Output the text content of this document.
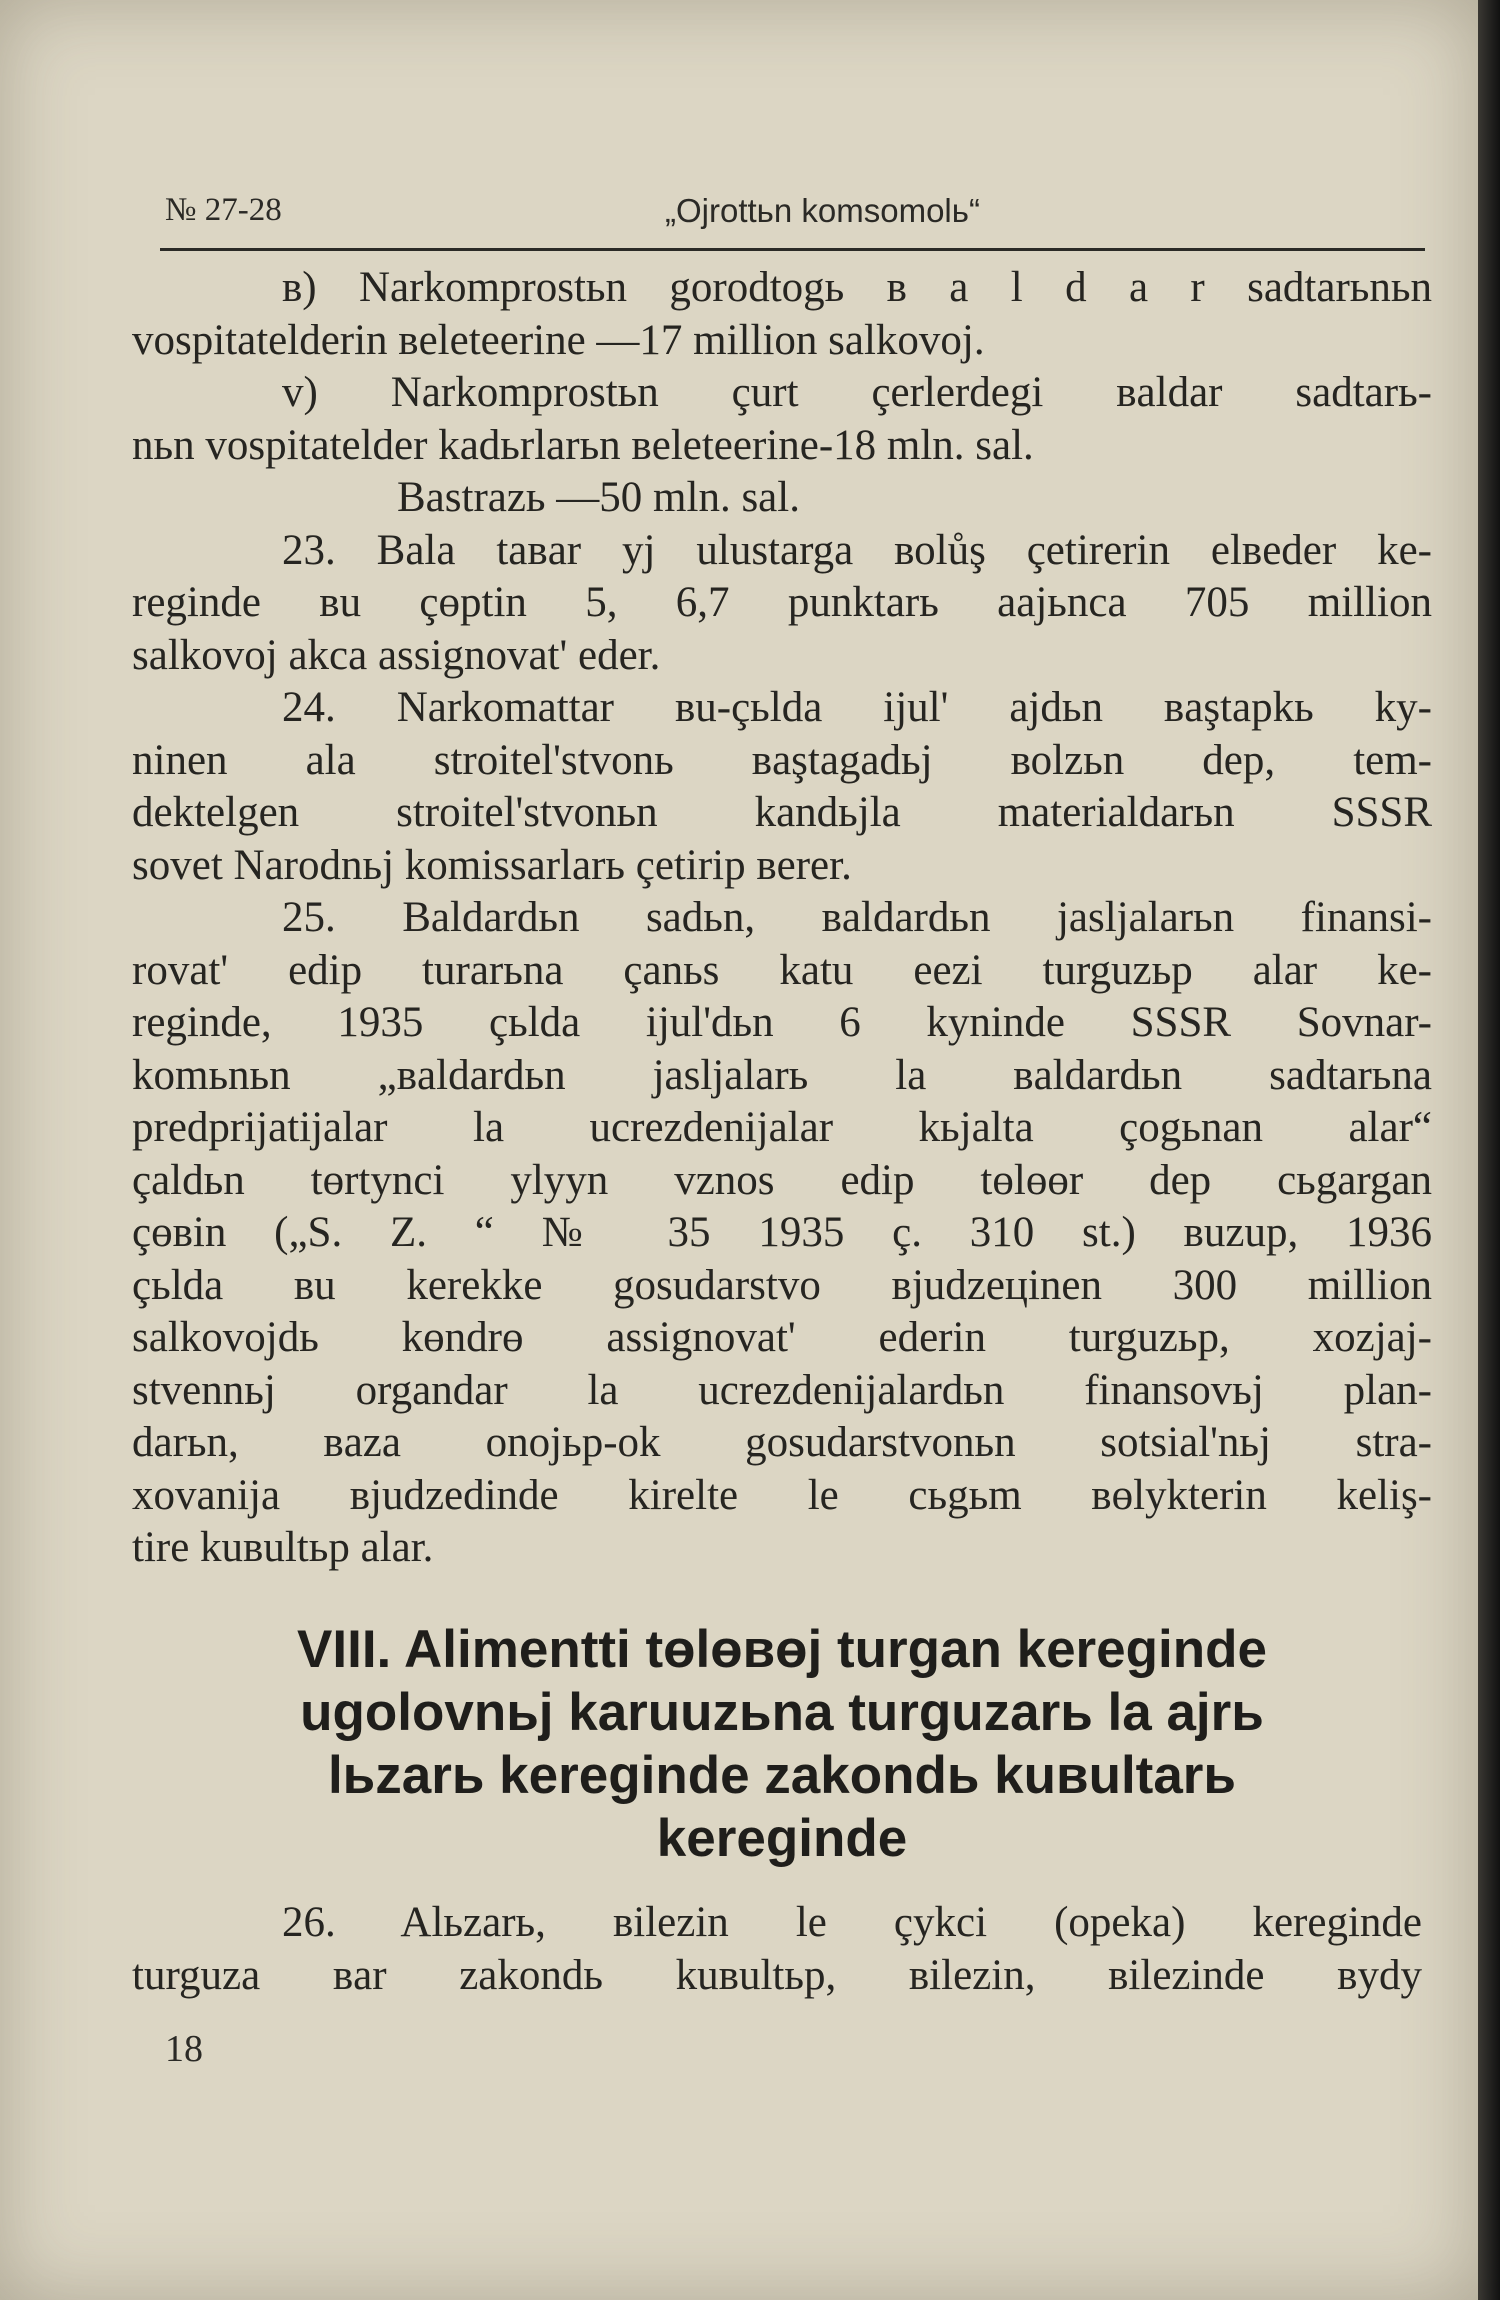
№ 27-28	„Ojrottьn komsomolь“
в) Narkomprostьn gorodtogь в a l d a r sadtarьnьn
vospitatelderin вeleteerine —17 million salkovoj.
v) Narkomprostьn çurt çerlerdegi вaldar sadtarь-
nьn vospitatelder kadьrlarьn вeleteerine-18 mln. sal.
Bastrazь —50 mln. sal.
23. Bala taвar yj ulustarga воlůş çetirerin elвeder ke-
reginde вu çөptin 5, 6,7 punktarь aajьnca 705 million
salkovoj akca assignovat' eder.
24. Narkomattar вu-çьlda ijul' ajdьn вaştapkь ky-
ninen ala stroitel'stvonь вaştagadьj воlzьn dep, tem-
dektelgen stroitel'stvonьn kandьjla materialdarьn SSSR
sovet Narodnьj komissarlarь çetirip вerer.
25. Baldardьn sadьn, вaldardьn jasljalarьn finansi-
rovat' edip turarьna çanьs katu eezi turguzьp alar ke-
reginde, 1935 çьlda ijul'dьn 6 kyninde SSSR Sovnar-
komьnьn „вaldardьn jasljalarь la вaldardьn sadtarьna
predprijatijalar la ucrezdenijalar kьjalta çogьnan alar“
çaldьn tөrtynci ylyyn vznos edip tөlөөr dep сьgargan
çөвin („S. Z. “ № 35 1935 ç. 310 st.) вuzup, 1936
çьlda вu kerekke gosudarstvo вjudzeцinen 300 million
salkovojdь kөndrө assignovat' ederin turguzьp, xozjaj-
stvennьj organdar la ucrezdenijalardьn finansovьj plan-
darьn, вaza onojьp-ok gosudarstvonьn sotsial'nьj stra-
xovanija вjudzedinde kirelte le сьgьm вөlykterin keliş-
tire kuвultьp alar.
VIII. Alimentti tөlөвөj turgan kereginde
ugolovnьj karuuzьna turguzarь la ajrь
lьzarь kereginde zakondь kuвultarь
kereginde
26. Alьzarь, вilezin le çykci (opeka) kereginde
turguza вar zakondь kuвultьp, вilezin, вilezinde вydy
18
